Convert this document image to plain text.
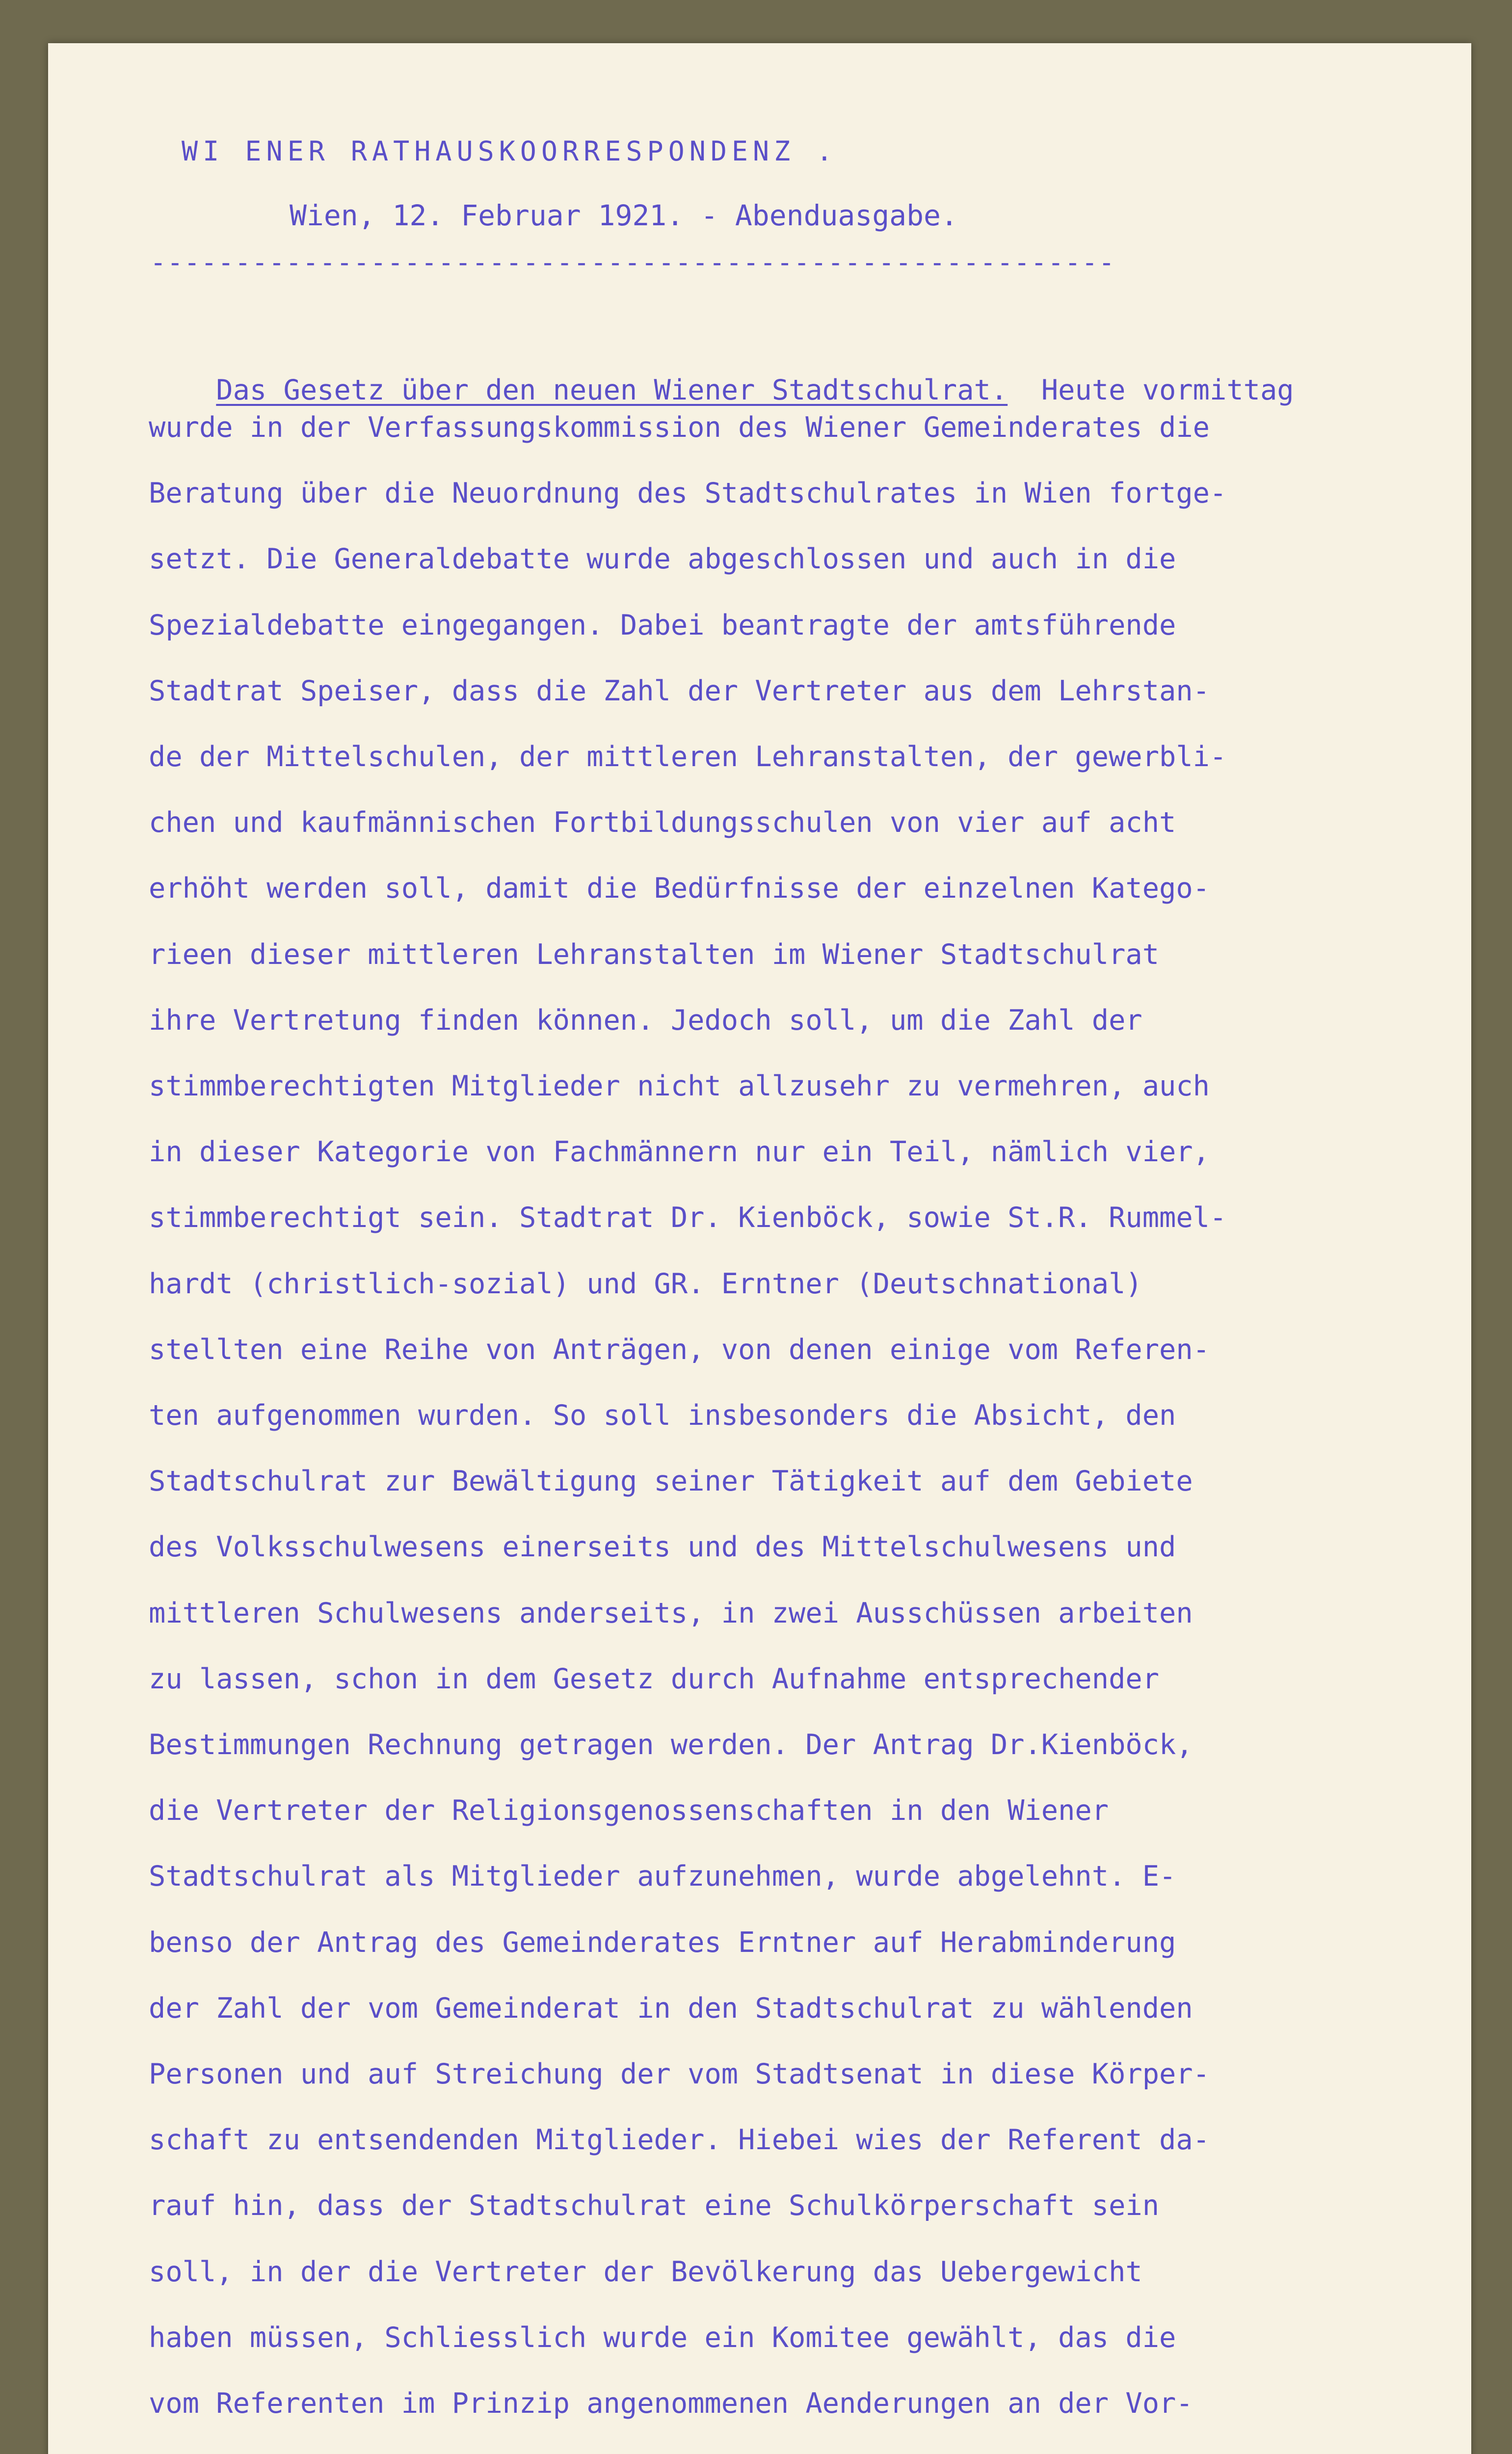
WI ENER RATHAUSKOORRESPONDENZ .
Wien, 12. Februar 1921. - Abenduasgabe.
---------------------------------------------------------

Das Gesetz über den neuen Wiener Stadtschulrat. Heute vormittag

wurde in der Verfassungskommission des Wiener Gemeinderates die
Beratung über die Neuordnung des Stadtschulrates in Wien fortge-
setzt. Die Generaldebatte wurde abgeschlossen und auch in die
Spezialdebatte eingegangen. Dabei beantragte der amtsführende
Stadtrat Speiser, dass die Zahl der Vertreter aus dem Lehrstan-
de der Mittelschulen, der mittleren Lehranstalten, der gewerbli-
chen und kaufmännischen Fortbildungsschulen von vier auf acht
erhöht werden soll, damit die Bedürfnisse der einzelnen Katego-
rieen dieser mittleren Lehranstalten im Wiener Stadtschulrat
ihre Vertretung finden können. Jedoch soll, um die Zahl der
stimmberechtigten Mitglieder nicht allzusehr zu vermehren, auch
in dieser Kategorie von Fachmännern nur ein Teil, nämlich vier,
stimmberechtigt sein. Stadtrat Dr. Kienböck, sowie St.R. Rummel-
hardt (christlich-sozial) und GR. Erntner (Deutschnational)
stellten eine Reihe von Anträgen, von denen einige vom Referen-
ten aufgenommen wurden. So soll insbesonders die Absicht, den
Stadtschulrat zur Bewältigung seiner Tätigkeit auf dem Gebiete
des Volksschulwesens einerseits und des Mittelschulwesens und
mittleren Schulwesens anderseits, in zwei Ausschüssen arbeiten
zu lassen, schon in dem Gesetz durch Aufnahme entsprechender
Bestimmungen Rechnung getragen werden. Der Antrag Dr.Kienböck,
die Vertreter der Religionsgenossenschaften in den Wiener
Stadtschulrat als Mitglieder aufzunehmen, wurde abgelehnt. E-
benso der Antrag des Gemeinderates Erntner auf Herabminderung
der Zahl der vom Gemeinderat in den Stadtschulrat zu wählenden
Personen und auf Streichung der vom Stadtsenat in diese Körper-
schaft zu entsendenden Mitglieder. Hiebei wies der Referent da-
rauf hin, dass der Stadtschulrat eine Schulkörperschaft sein
soll, in der die Vertreter der Bevölkerung das Uebergewicht
haben müssen, Schliesslich wurde ein Komitee gewählt, das die
vom Referenten im Prinzip angenommenen Aenderungen an der Vor-
